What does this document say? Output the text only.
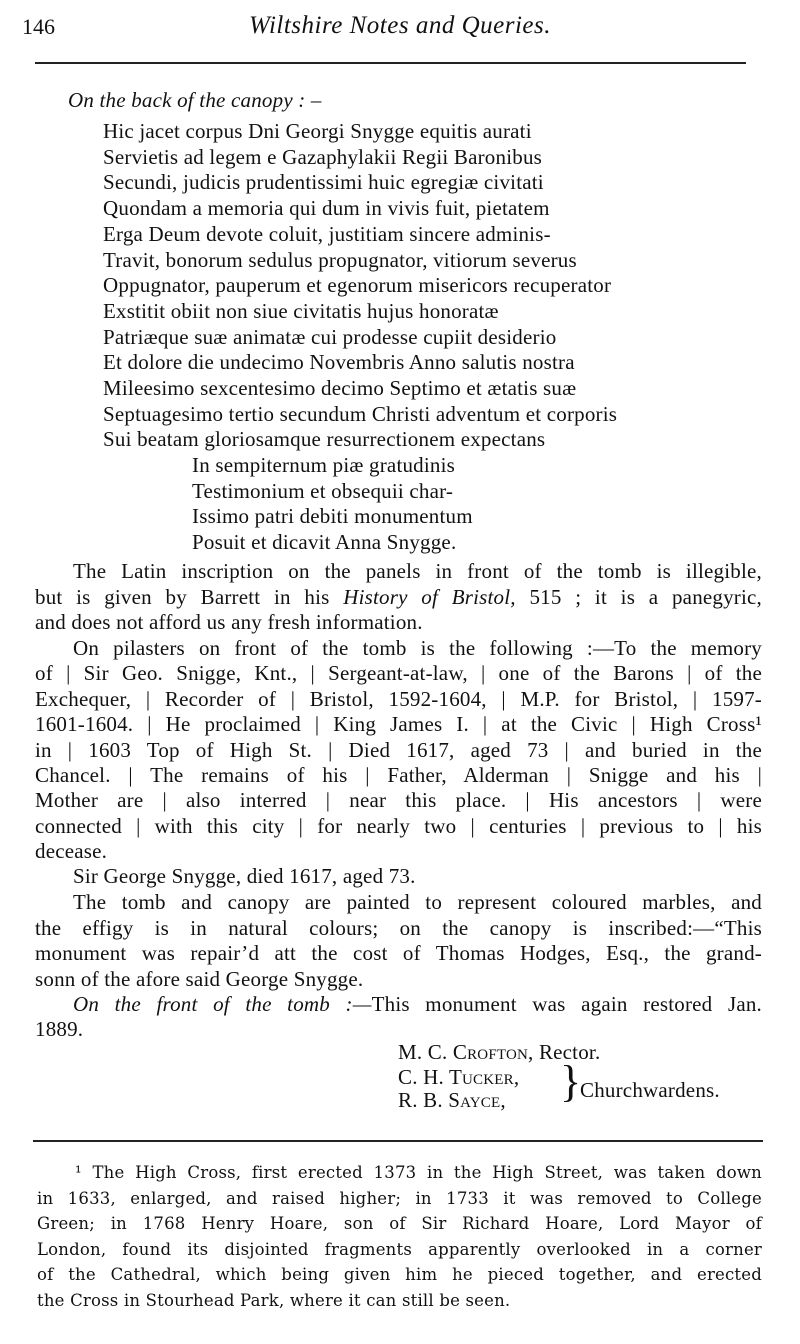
146	Wiltshire Notes and Queries.
On the back of the canopy : –
Hic jacet corpus Dni Georgi Snygge equitis aurati
Servietis ad legem e Gazaphylakii Regii Baronibus
Secundi, judicis prudentissimi huic egregiæ civitati
Quondam a memoria qui dum in vivis fuit, pietatem
Erga Deum devote coluit, justitiam sincere adminis-
Travit, bonorum sedulus propugnator, vitiorum severus
Oppugnator, pauperum et egenorum misericors recuperator
Exstitit obiit non siue civitatis hujus honoratæ
Patriæque suæ animatæ cui prodesse cupiit desiderio
Et dolore die undecimo Novembris Anno salutis nostra
Mileesimo sexcentesimo decimo Septimo et ætatis suæ
Septuagesimo tertio secundum Christi adventum et corporis
Sui beatam gloriosamque resurrectionem expectans
In sempiternum piæ gratudinis
Testimonium et obsequii char-
Issimo patri debiti monumentum
Posuit et dicavit Anna Snygge.
The Latin inscription on the panels in front of the tomb is illegible,
but is given by Barrett in his History of Bristol, 515 ; it is a panegyric,
and does not afford us any fresh information.
On pilasters on front of the tomb is the following :—To the memory
of | Sir Geo. Snigge, Knt., | Sergeant-at-law, | one of the Barons | of the
Exchequer, | Recorder of | Bristol, 1592-1604, | M.P. for Bristol, | 1597-
1601-1604. | He proclaimed | King James I. | at the Civic | High Cross¹
in | 1603 Top of High St. | Died 1617, aged 73 | and buried in the
Chancel. | The remains of his | Father, Alderman | Snigge and his |
Mother are | also interred | near this place. | His ancestors | were
connected | with this city | for nearly two | centuries | previous to | his
decease.
Sir George Snygge, died 1617, aged 73.
The tomb and canopy are painted to represent coloured marbles, and
the effigy is in natural colours; on the canopy is inscribed:—“This
monument was repair’d att the cost of Thomas Hodges, Esq., the grand-
sonn of the afore said George Snygge.
On the front of the tomb :—This monument was again restored Jan.
1889.
M. C. Crofton, Rector.
C. H. Tucker,
R. B. Sayce, }
Churchwardens.
¹ The High Cross, first erected 1373 in the High Street, was taken down
in 1633, enlarged, and raised higher; in 1733 it was removed to College
Green; in 1768 Henry Hoare, son of Sir Richard Hoare, Lord Mayor of
London, found its disjointed fragments apparently overlooked in a corner
of the Cathedral, which being given him he pieced together, and erected
the Cross in Stourhead Park, where it can still be seen.
